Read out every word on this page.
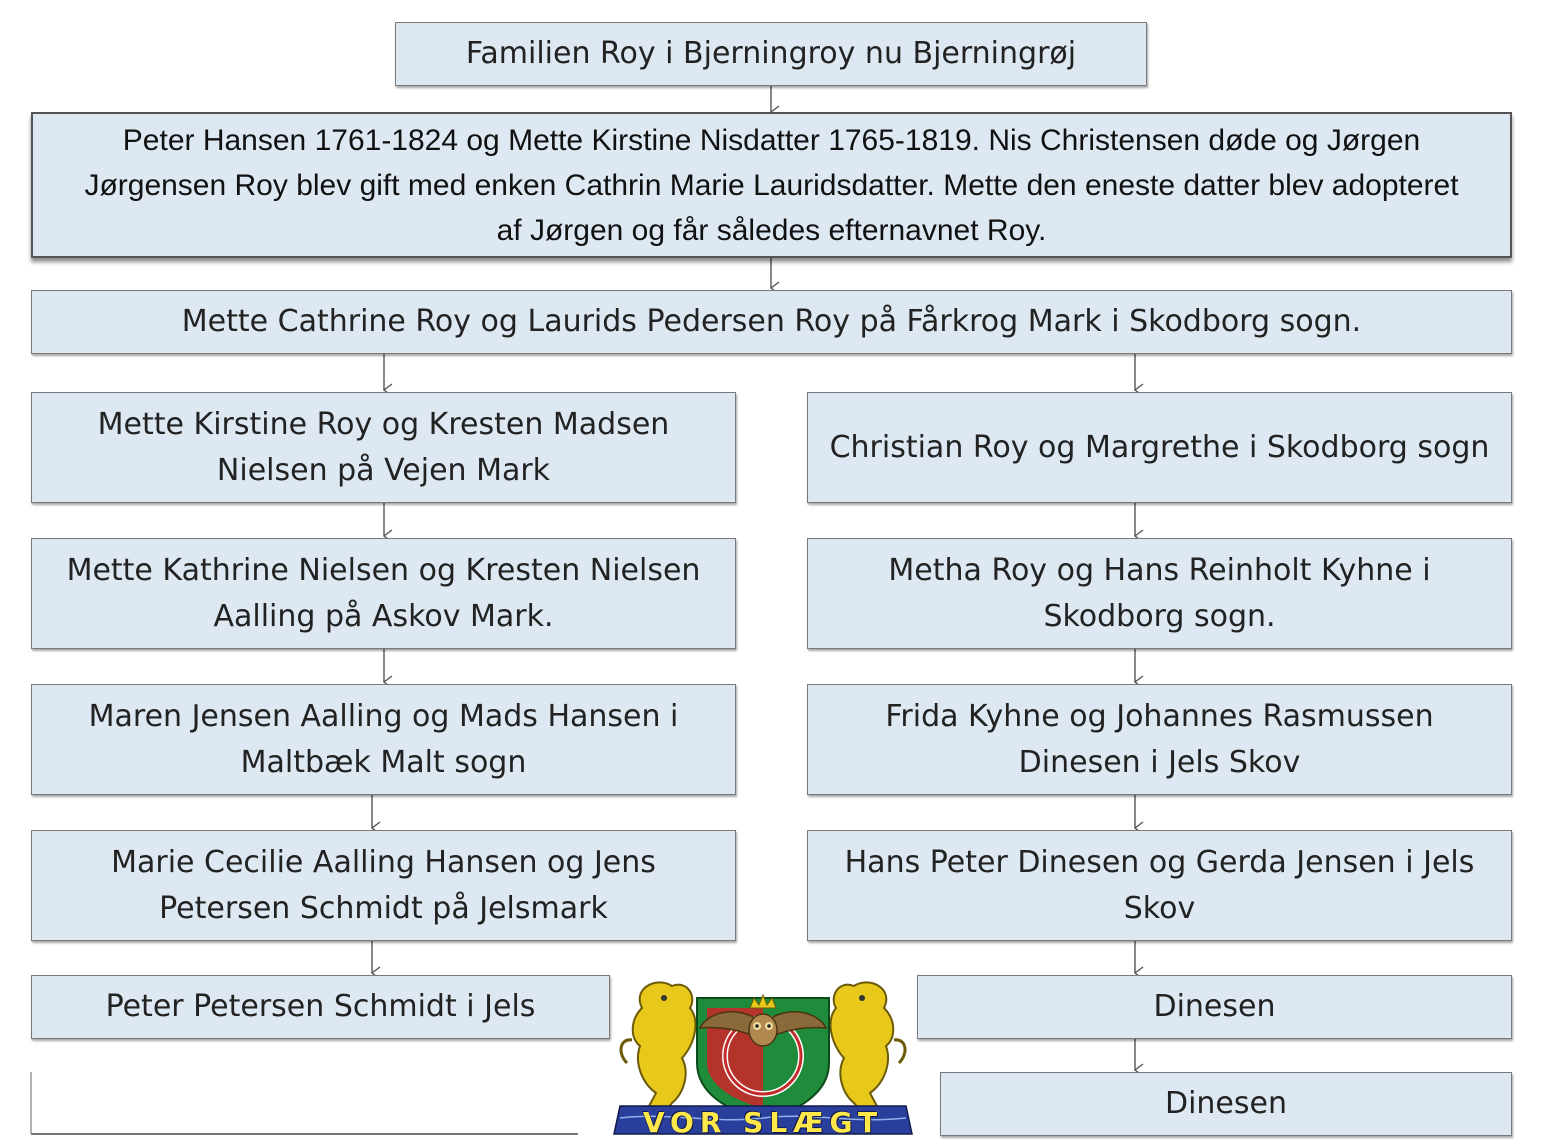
Familien Roy i Bjerningroy nu Bjerningrøj
Peter Hansen 1761-1824 og Mette Kirstine Nisdatter 1765-1819. Nis Christensen døde og Jørgen Jørgensen Roy blev gift med enken Cathrin Marie Lauridsdatter. Mette den eneste datter blev adopteret af Jørgen og får således efternavnet Roy.
Mette Cathrine Roy og Laurids Pedersen Roy på Fårkrog Mark i Skodborg sogn.
Mette Kirstine Roy og Kresten Madsen Nielsen på Vejen Mark
Mette Kathrine Nielsen og Kresten Nielsen Aalling på Askov Mark.
Maren Jensen Aalling og Mads Hansen i Maltbæk Malt sogn
Marie Cecilie Aalling Hansen og Jens Petersen Schmidt på Jelsmark
Peter Petersen Schmidt i Jels
Christian Roy og Margrethe i Skodborg sogn
Metha Roy og Hans Reinholt Kyhne i Skodborg sogn.
Frida Kyhne og Johannes Rasmussen Dinesen i Jels Skov
Hans Peter Dinesen og Gerda Jensen i Jels Skov
Dinesen
Dinesen
VOR SLÆGT
